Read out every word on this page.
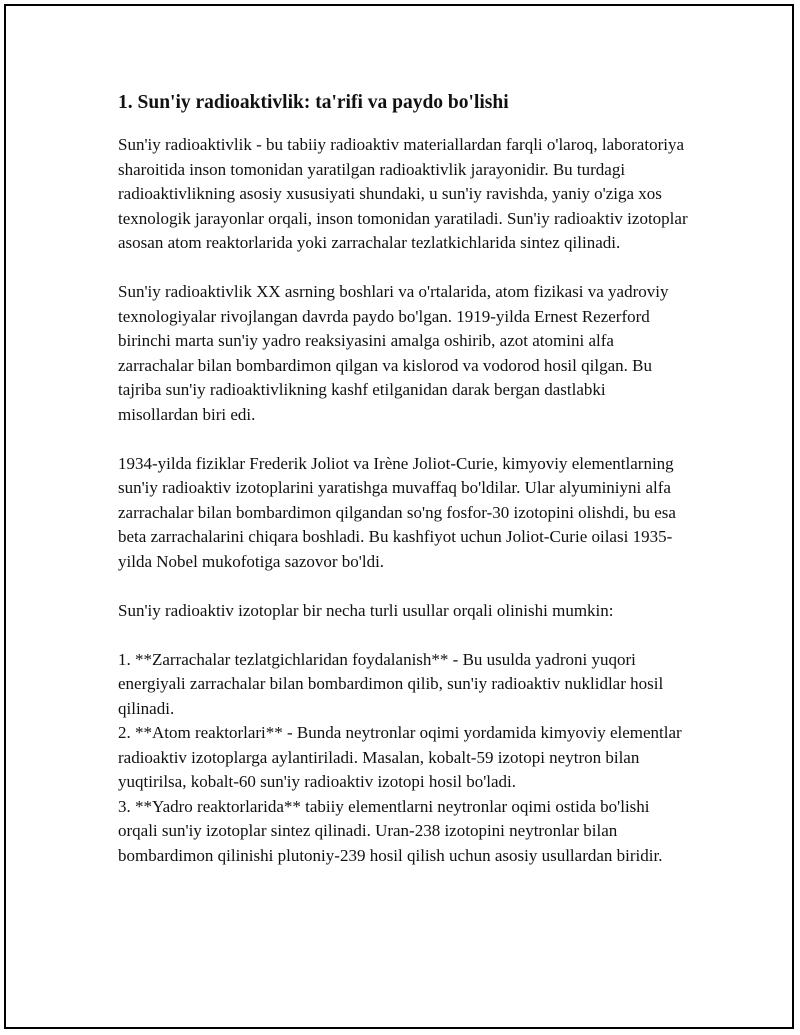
1. Sun'iy radioaktivlik: ta'rifi va paydo bo'lishi

Sun'iy radioaktivlik - bu tabiiy radioaktiv materiallardan farqli o'laroq, laboratoriya sharoitida inson tomonidan yaratilgan radioaktivlik jarayonidir. Bu turdagi radioaktivlikning asosiy xususiyati shundaki, u sun'iy ravishda, yaniy o'ziga xos texnologik jarayonlar orqali, inson tomonidan yaratiladi. Sun'iy radioaktiv izotoplar asosan atom reaktorlarida yoki zarrachalar tezlatkichlarida sintez qilinadi.

Sun'iy radioaktivlik XX asrning boshlari va o'rtalarida, atom fizikasi va yadroviy texnologiyalar rivojlangan davrda paydo bo'lgan. 1919-yilda Ernest Rezerford birinchi marta sun'iy yadro reaksiyasini amalga oshirib, azot atomini alfa zarrachalar bilan bombardimon qilgan va kislorod va vodorod hosil qilgan. Bu tajriba sun'iy radioaktivlikning kashf etilganidan darak bergan dastlabki misollardan biri edi.

1934-yilda fiziklar Frederik Joliot va Irène Joliot-Curie, kimyoviy elementlarning sun'iy radioaktiv izotoplarini yaratishga muvaffaq bo'ldilar. Ular alyuminiyni alfa zarrachalar bilan bombardimon qilgandan so'ng fosfor-30 izotopini olishdi, bu esa beta zarrachalarini chiqara boshladi. Bu kashfiyot uchun Joliot-Curie oilasi 1935-yilda Nobel mukofotiga sazovor bo'ldi.

Sun'iy radioaktiv izotoplar bir necha turli usullar orqali olinishi mumkin:

1. **Zarrachalar tezlatgichlaridan foydalanish** - Bu usulda yadroni yuqori energiyali zarrachalar bilan bombardimon qilib, sun'iy radioaktiv nuklidlar hosil qilinadi.

2. **Atom reaktorlari** - Bunda neytronlar oqimi yordamida kimyoviy elementlar radioaktiv izotoplarga aylantiriladi. Masalan, kobalt-59 izotopi neytron bilan yuqtirilsa, kobalt-60 sun'iy radioaktiv izotopi hosil bo'ladi.

3. **Yadro reaktorlarida** tabiiy elementlarni neytronlar oqimi ostida bo'lishi orqali sun'iy izotoplar sintez qilinadi. Uran-238 izotopini neytronlar bilan bombardimon qilinishi plutoniy-239 hosil qilish uchun asosiy usullardan biridir.
